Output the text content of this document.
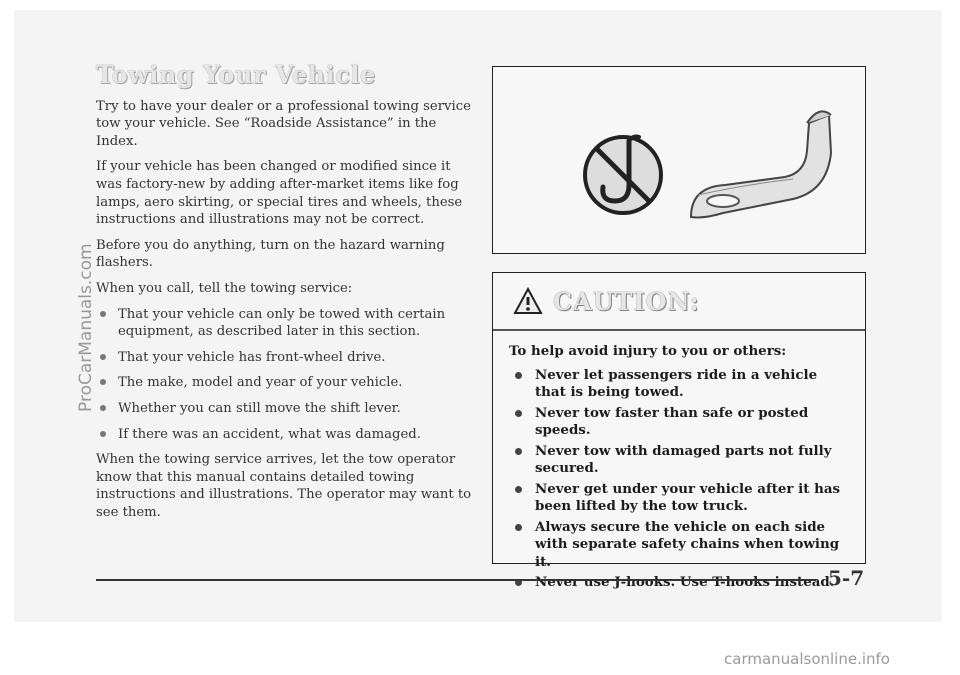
Towing Your Vehicle

Try to have your dealer or a professional towing service tow your vehicle. See “Roadside Assistance” in the Index.

If your vehicle has been changed or modified since it was factory-new by adding after-market items like fog lamps, aero skirting, or special tires and wheels, these instructions and illustrations may not be correct.

Before you do anything, turn on the hazard warning flashers.

When you call, tell the towing service:

That your vehicle can only be towed with certain equipment, as described later in this section.
That your vehicle has front-wheel drive.
The make, model and year of your vehicle.
Whether you can still move the shift lever.
If there was an accident, what was damaged.

When the towing service arrives, let the tow operator know that this manual contains detailed towing instructions and illustrations. The operator may want to see them.

CAUTION:

To help avoid injury to you or others:

Never let passengers ride in a vehicle that is being towed.
Never tow faster than safe or posted speeds.
Never tow with damaged parts not fully secured.
Never get under your vehicle after it has been lifted by the tow truck.
Always secure the vehicle on each side with separate safety chains when towing it.
Never use J-hooks. Use T-hooks instead.
5-7
ProCarManuals.com
carmanualsonline.info
